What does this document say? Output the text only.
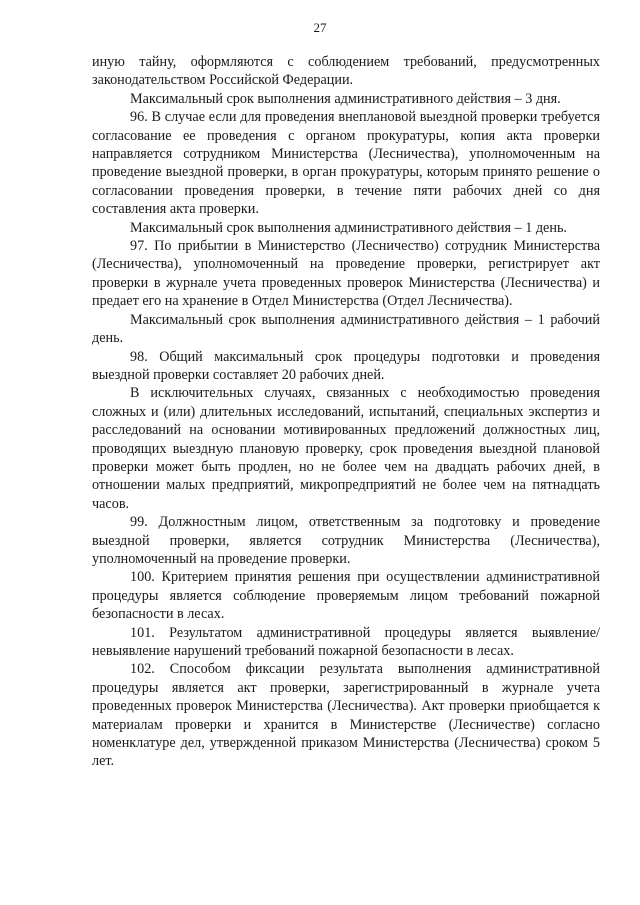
27

иную тайну, оформляются с соблюдением требований, предусмотренных законодательством Российской Федерации.

Максимальный срок выполнения административного действия – 3 дня.

96. В случае если для проведения внеплановой выездной проверки требуется согласование ее проведения с органом прокуратуры, копия акта проверки направляется сотрудником Министерства (Лесничества), уполномоченным на проведение выездной проверки, в орган прокуратуры, которым принято решение о согласовании проведения проверки, в течение пяти рабочих дней со дня составления акта проверки.

Максимальный срок выполнения административного действия – 1 день.

97. По прибытии в Министерство (Лесничество) сотрудник Министерства (Лесничества), уполномоченный на проведение проверки, регистрирует акт проверки в журнале учета проведенных проверок Министерства (Лесничества) и предает его на хранение в Отдел Министерства (Отдел Лесничества).

Максимальный срок выполнения административного действия – 1 рабочий день.

98. Общий максимальный срок процедуры подготовки и проведения выездной проверки составляет 20 рабочих дней.

В исключительных случаях, связанных с необходимостью проведения сложных и (или) длительных исследований, испытаний, специальных экспертиз и расследований на основании мотивированных предложений должностных лиц, проводящих выездную плановую проверку, срок проведения выездной плановой проверки может быть продлен, но не более чем на двадцать рабочих дней, в отношении малых предприятий, микропредприятий не более чем на пятнадцать часов.

99. Должностным лицом, ответственным за подготовку и проведение выездной проверки, является сотрудник Министерства (Лесничества), уполномоченный на проведение проверки.

100. Критерием принятия решения при осуществлении административной процедуры является соблюдение проверяемым лицом требований пожарной безопасности в лесах.

101. Результатом административной процедуры является выявление/ невыявление нарушений требований пожарной безопасности в лесах.

102. Способом фиксации результата выполнения административной процедуры является акт проверки, зарегистрированный в журнале учета проведенных проверок Министерства (Лесничества). Акт проверки приобщается к материалам проверки и хранится в Министерстве (Лесничестве) согласно номенклатуре дел, утвержденной приказом Министерства (Лесничества) сроком 5 лет.
